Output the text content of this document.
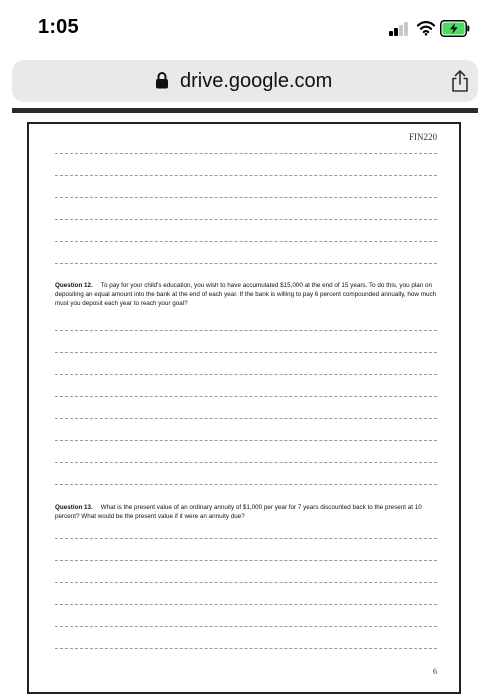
1:05
drive.google.com
FIN220
Question 12. To pay for your child's education, you wish to have accumulated $15,000 at the end of 15 years. To do this, you plan on depositing an equal amount into the bank at the end of each year. If the bank is willing to pay 6 percent compounded annually, how much must you deposit each year to reach your goal?
Question 13. What is the present value of an ordinary annuity of $1,000 per year for 7 years discounted back to the present at 10 percent? What would be the present value if it were an annuity due?
6
